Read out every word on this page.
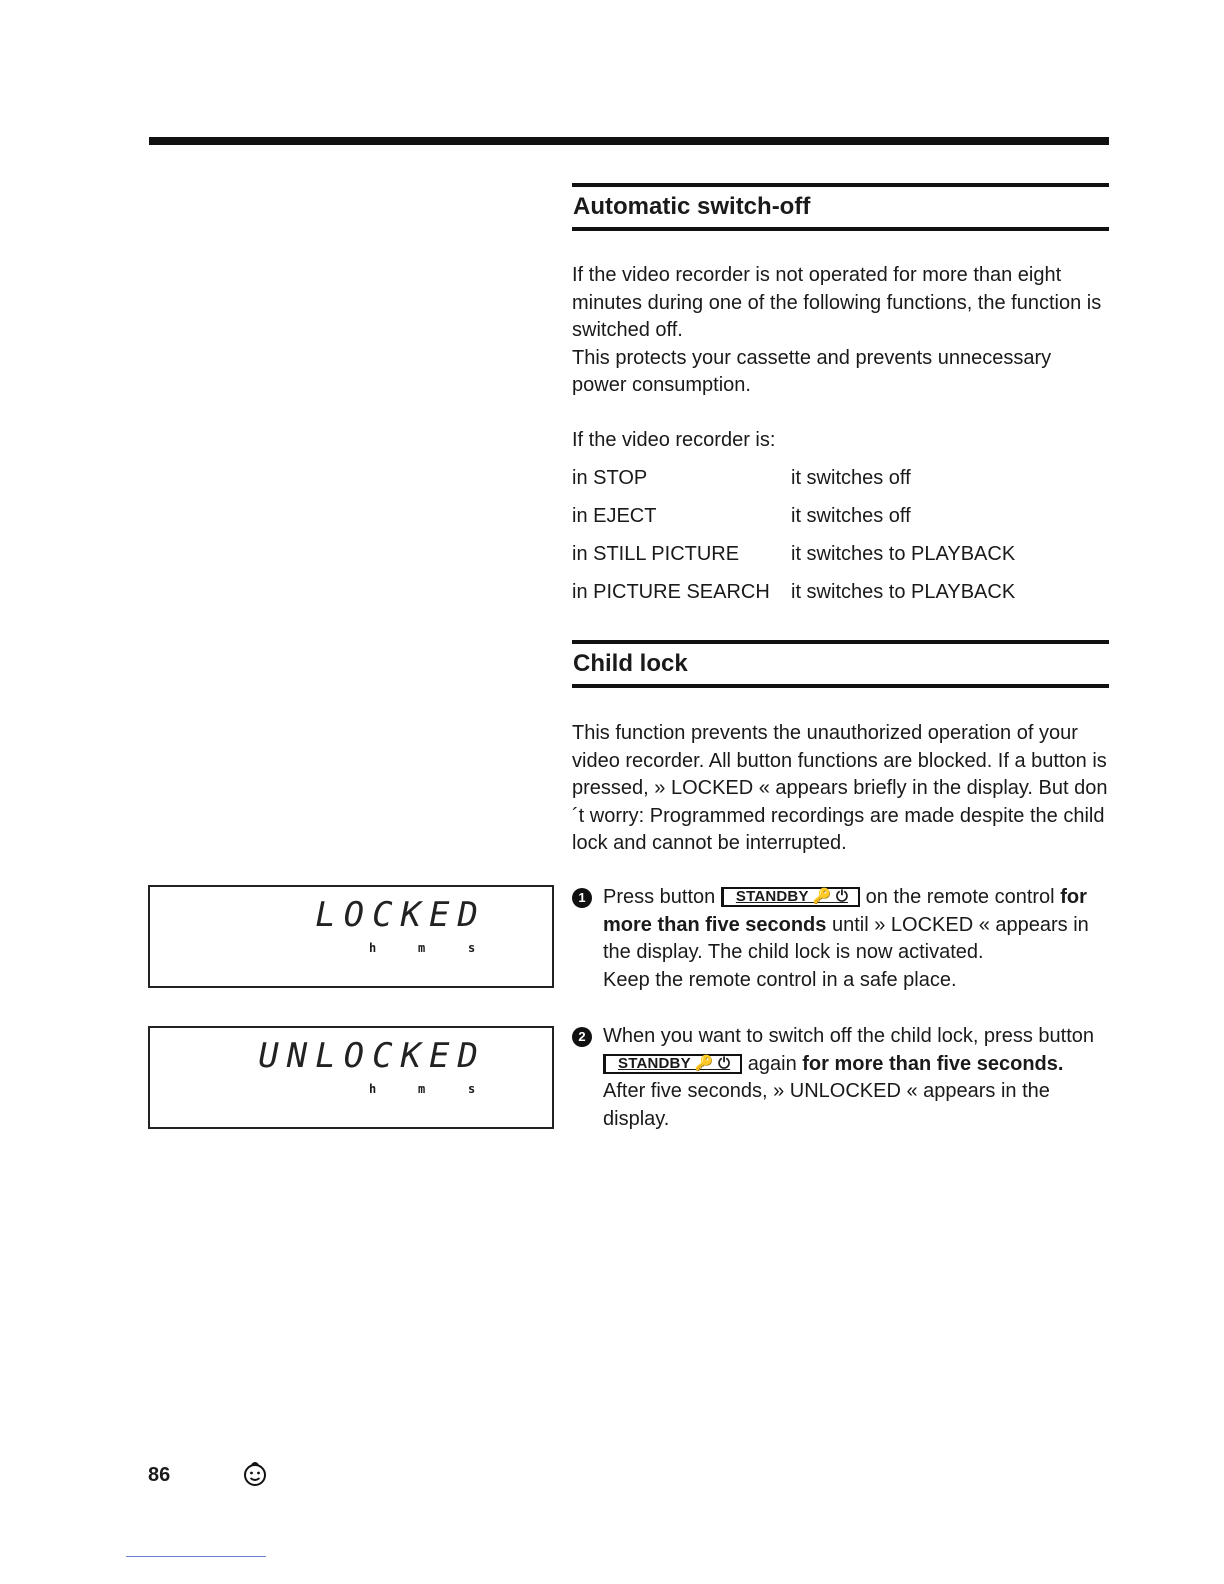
Automatic switch-off

If the video recorder is not operated for more than eight minutes during one of the following functions, the function is switched off.

This protects your cassette and prevents unnecessary power consumption.

If the video recorder is:

in STOP	it switches off
in EJECT	it switches off
in STILL PICTURE	it switches to PLAYBACK
in PICTURE SEARCH it switches to PLAYBACK
Child lock

This function prevents the unauthorized operation of your video recorder. All button functions are blocked. If a button is pressed, » LOCKED « appears briefly in the display. But don´t worry: Programmed recordings are made despite the child lock and cannot be interrupted.

1 Press button STANDBY 🔑 ⏻ on the remote control for more than five seconds until » LOCKED « appears in the display. The child lock is now activated.
Keep the remote control in a safe place.
2 When you want to switch off the child lock, press button STANDBY 🔑 ⏻ again for more than five seconds. After five seconds, » UNLOCKED « appears in the display.
LOCKED
h	m	s
UNLOCKED
h	m	s
86
